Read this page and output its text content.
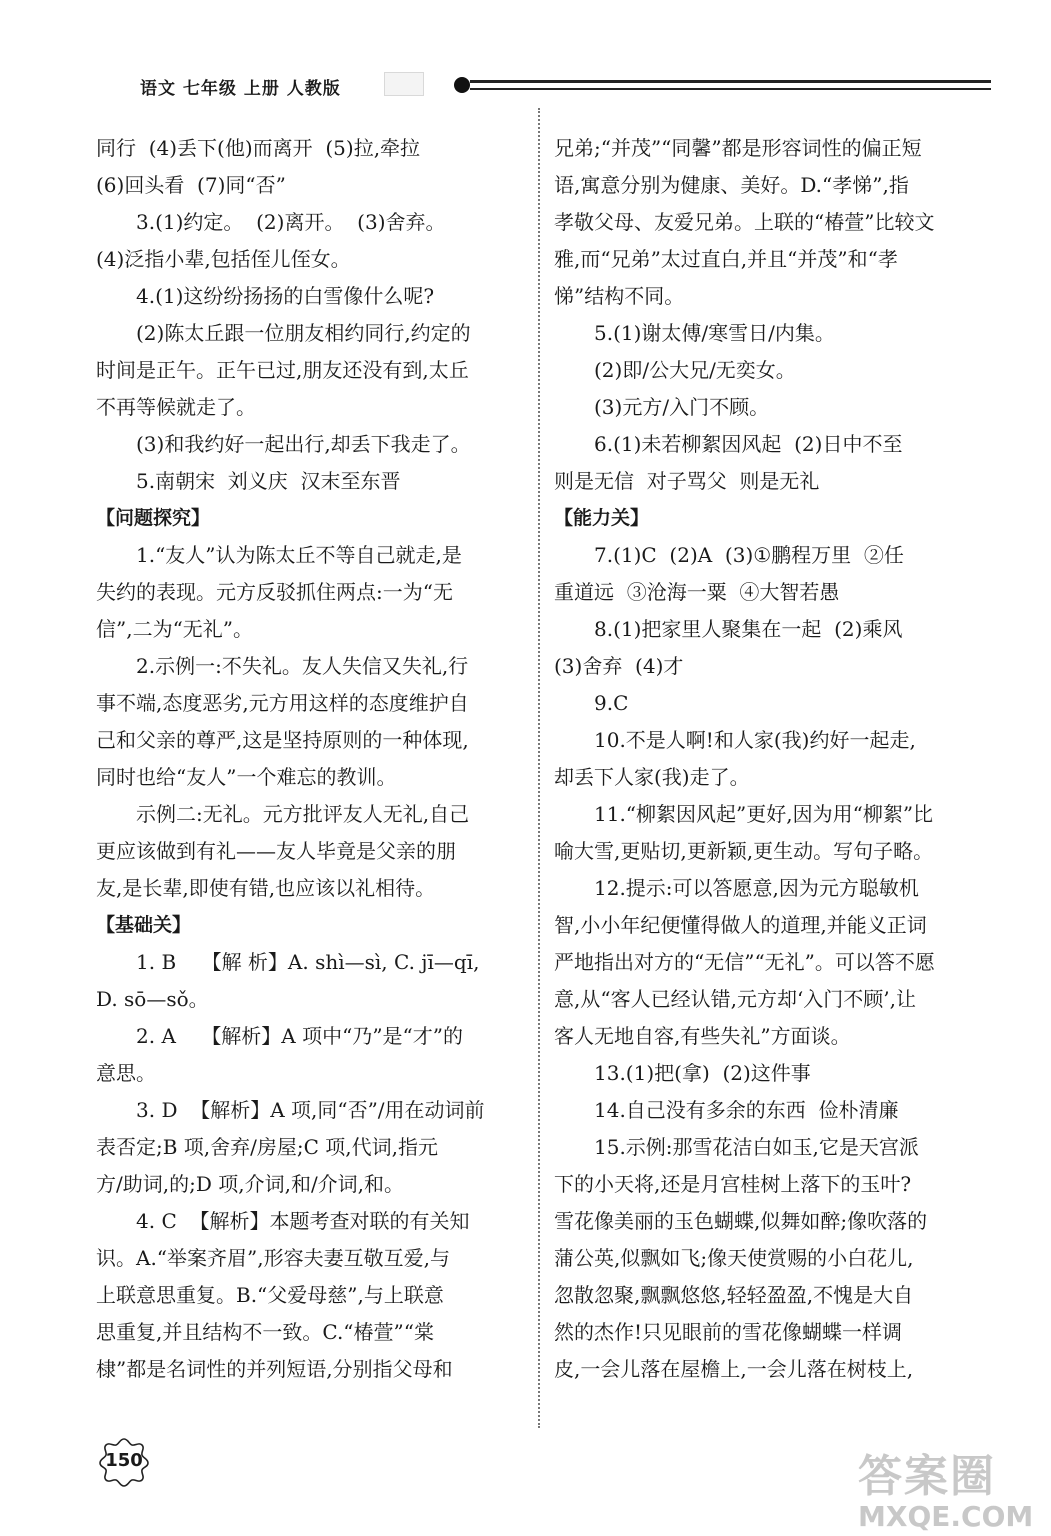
语文 七年级 上册 人教版
同行  (4)丢下(他)而离开  (5)拉,牵拉
(6)回头看  (7)同“否”
3.(1)约定。  (2)离开。  (3)舍弃。
(4)泛指小辈,包括侄儿侄女。
4.(1)这纷纷扬扬的白雪像什么呢?
(2)陈太丘跟一位朋友相约同行,约定的
时间是正午。正午已过,朋友还没有到,太丘
不再等候就走了。
(3)和我约好一起出行,却丢下我走了。
5.南朝宋  刘义庆  汉末至东晋
【问题探究】
1.“友人”认为陈太丘不等自己就走,是
失约的表现。元方反驳抓住两点:一为“无
信”,二为“无礼”。
2.示例一:不失礼。友人失信又失礼,行
事不端,态度恶劣,元方用这样的态度维护自
己和父亲的尊严,这是坚持原则的一种体现,
同时也给“友人”一个难忘的教训。
示例二:无礼。元方批评友人无礼,自己
更应该做到有礼——友人毕竟是父亲的朋
友,是长辈,即使有错,也应该以礼相待。
【基础关】
1. B    【解 析】A. shì—sì, C. jī—qī,
D. sō—sǒ。
2. A    【解析】A 项中“乃”是“才”的
意思。
3. D  【解析】A 项,同“否”/用在动词前
表否定;B 项,舍弃/房屋;C 项,代词,指元
方/助词,的;D 项,介词,和/介词,和。
4. C  【解析】本题考查对联的有关知
识。A.“举案齐眉”,形容夫妻互敬互爱,与
上联意思重复。B.“父爱母慈”,与上联意
思重复,并且结构不一致。C.“椿萱”“棠
棣”都是名词性的并列短语,分别指父母和
兄弟;“并茂”“同馨”都是形容词性的偏正短
语,寓意分别为健康、美好。D.“孝悌”,指
孝敬父母、友爱兄弟。上联的“椿萱”比较文
雅,而“兄弟”太过直白,并且“并茂”和“孝
悌”结构不同。
5.(1)谢太傅/寒雪日/内集。
(2)即/公大兄/无奕女。
(3)元方/入门不顾。
6.(1)未若柳絮因风起  (2)日中不至
则是无信  对子骂父  则是无礼
【能力关】
7.(1)C  (2)A  (3)①鹏程万里  ②任
重道远  ③沧海一粟  ④大智若愚
8.(1)把家里人聚集在一起  (2)乘风
(3)舍弃  (4)才
9.C
10.不是人啊!和人家(我)约好一起走,
却丢下人家(我)走了。
11.“柳絮因风起”更好,因为用“柳絮”比
喻大雪,更贴切,更新颖,更生动。写句子略。
12.提示:可以答愿意,因为元方聪敏机
智,小小年纪便懂得做人的道理,并能义正词
严地指出对方的“无信”“无礼”。可以答不愿
意,从“客人已经认错,元方却‘入门不顾’,让
客人无地自容,有些失礼”方面谈。
13.(1)把(拿)  (2)这件事
14.自己没有多余的东西  俭朴清廉
15.示例:那雪花洁白如玉,它是天宫派
下的小天将,还是月宫桂树上落下的玉叶?
雪花像美丽的玉色蝴蝶,似舞如醉;像吹落的
蒲公英,似飘如飞;像天使赏赐的小白花儿,
忽散忽聚,飘飘悠悠,轻轻盈盈,不愧是大自
然的杰作!只见眼前的雪花像蝴蝶一样调
皮,一会儿落在屋檐上,一会儿落在树枝上,
150	答案圈
MXQE.COM
